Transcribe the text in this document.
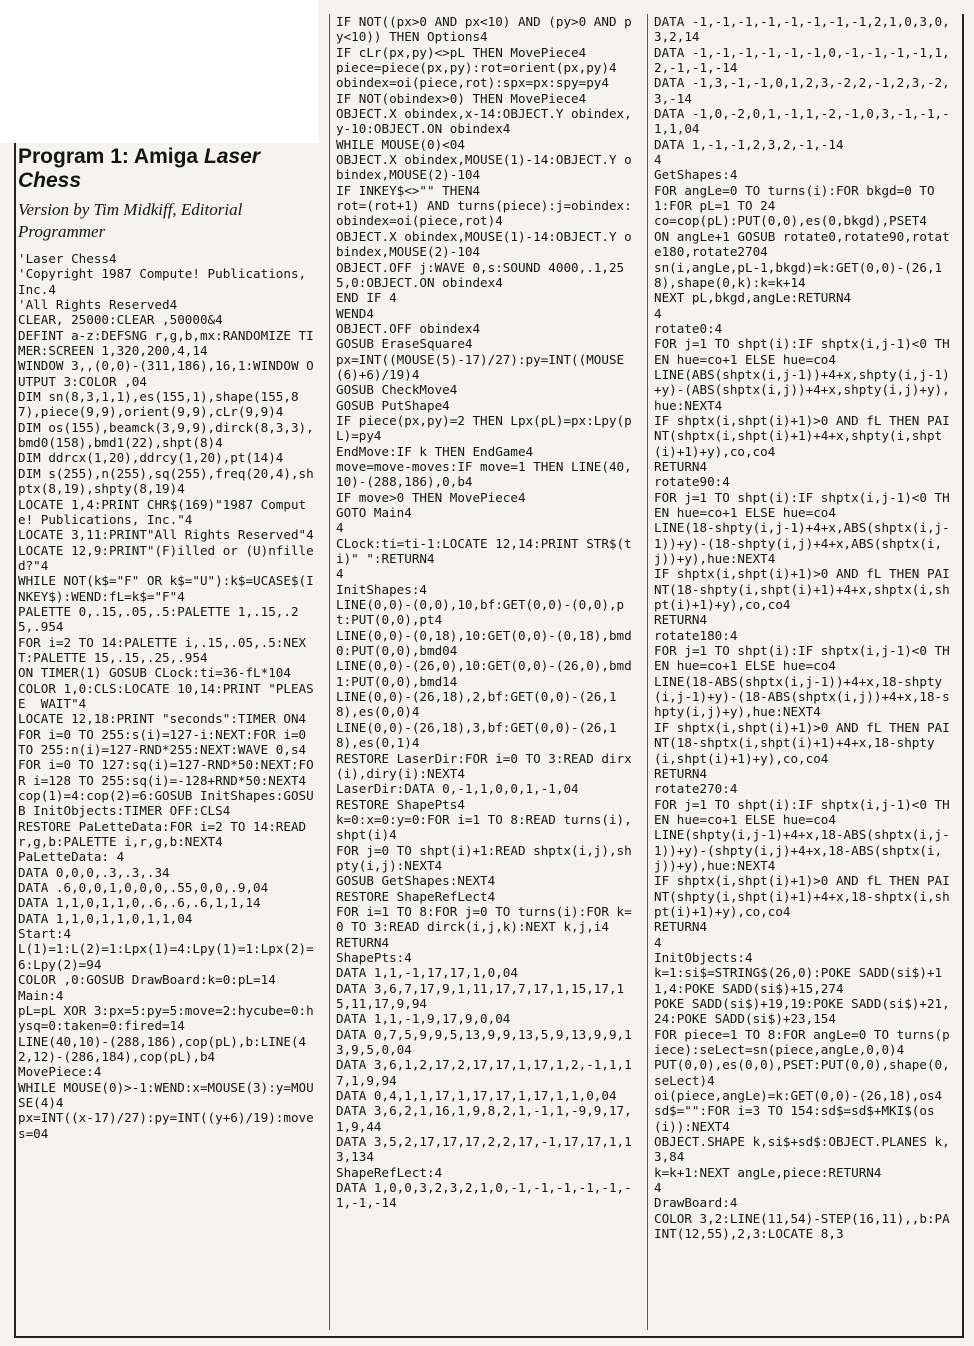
Program 1: Amiga Laser Chess
Version by Tim Midkiff, Editorial Programmer
'Laser Chess4
'Copyright 1987 Compute! Publications, Inc.4
'All Rights Reserved4
CLEAR, 25000:CLEAR ,50000&4
DEFINT a-z:DEFSNG r,g,b,mx:RANDOMIZE TIMER:SCREEN 1,320,200,4,14
WINDOW 3,,(0,0)-(311,186),16,1:WINDOW OUTPUT 3:COLOR ,04
DIM sn(8,3,1,1),es(155,1),shape(155,87),piece(9,9),orient(9,9),cLr(9,9)4
DIM os(155),beamck(3,9,9),dirck(8,3,3),bmd0(158),bmd1(22),shpt(8)4
DIM ddrcx(1,20),ddrcy(1,20),pt(14)4
DIM s(255),n(255),sq(255),freq(20,4),shptx(8,19),shpty(8,19)4
LOCATE 1,4:PRINT CHR$(169)"1987 Compute! Publications, Inc."4
LOCATE 3,11:PRINT"All Rights Reserved"4
LOCATE 12,9:PRINT"(F)illed or (U)nfilled?"4
WHILE NOT(k$="F" OR k$="U"):k$=UCASE$(INKEY$):WEND:fL=k$="F"4
PALETTE 0,.15,.05,.5:PALETTE 1,.15,.25,.954
FOR i=2 TO 14:PALETTE i,.15,.05,.5:NEXT:PALETTE 15,.15,.25,.954
ON TIMER(1) GOSUB CLock:ti=36-fL*104
COLOR 1,0:CLS:LOCATE 10,14:PRINT "PLEASE  WAIT"4
LOCATE 12,18:PRINT "seconds":TIMER ON4
FOR i=0 TO 255:s(i)=127-i:NEXT:FOR i=0 TO 255:n(i)=127-RND*255:NEXT:WAVE 0,s4
FOR i=0 TO 127:sq(i)=127-RND*50:NEXT:FOR i=128 TO 255:sq(i)=-128+RND*50:NEXT4
cop(1)=4:cop(2)=6:GOSUB InitShapes:GOSUB InitObjects:TIMER OFF:CLS4
RESTORE PaLetteData:FOR i=2 TO 14:READ r,g,b:PALETTE i,r,g,b:NEXT4
PaLetteData: 4
DATA 0,0,0,.3,.3,.34
DATA .6,0,0,1,0,0,0,.55,0,0,.9,04
DATA 1,1,0,1,1,0,.6,.6,.6,1,1,14
DATA 1,1,0,1,1,0,1,1,04
Start:4
L(1)=1:L(2)=1:Lpx(1)=4:Lpy(1)=1:Lpx(2)=6:Lpy(2)=94
COLOR ,0:GOSUB DrawBoard:k=0:pL=14
Main:4
pL=pL XOR 3:px=5:py=5:move=2:hycube=0:hysq=0:taken=0:fired=14
LINE(40,10)-(288,186),cop(pL),b:LINE(42,12)-(286,184),cop(pL),b4
MovePiece:4
WHILE MOUSE(0)>-1:WEND:x=MOUSE(3):y=MOUSE(4)4
px=INT((x-17)/27):py=INT((y+6)/19):moves=04
IF NOT((px>0 AND px<10) AND (py>0 AND py<10)) THEN Options4
IF cLr(px,py)<>pL THEN MovePiece4
piece=piece(px,py):rot=orient(px,py)4
obindex=oi(piece,rot):spx=px:spy=py4
IF NOT(obindex>0) THEN MovePiece4
OBJECT.X obindex,x-14:OBJECT.Y obindex,y-10:OBJECT.ON obindex4
WHILE MOUSE(0)<04
OBJECT.X obindex,MOUSE(1)-14:OBJECT.Y obindex,MOUSE(2)-104
IF INKEY$<>"" THEN4
rot=(rot+1) AND turns(piece):j=obindex:obindex=oi(piece,rot)4
OBJECT.X obindex,MOUSE(1)-14:OBJECT.Y obindex,MOUSE(2)-104
OBJECT.OFF j:WAVE 0,s:SOUND 4000,.1,255,0:OBJECT.ON obindex4
END IF 4
WEND4
OBJECT.OFF obindex4
GOSUB EraseSquare4
px=INT((MOUSE(5)-17)/27):py=INT((MOUSE(6)+6)/19)4
GOSUB CheckMove4
GOSUB PutShape4
IF piece(px,py)=2 THEN Lpx(pL)=px:Lpy(pL)=py4
EndMove:IF k THEN EndGame4
move=move-moves:IF move=1 THEN LINE(40,10)-(288,186),0,b4
IF move>0 THEN MovePiece4
GOTO Main4
4
CLock:ti=ti-1:LOCATE 12,14:PRINT STR$(ti)" ":RETURN4
4
InitShapes:4
LINE(0,0)-(0,0),10,bf:GET(0,0)-(0,0),pt:PUT(0,0),pt4
LINE(0,0)-(0,18),10:GET(0,0)-(0,18),bmd0:PUT(0,0),bmd04
LINE(0,0)-(26,0),10:GET(0,0)-(26,0),bmd1:PUT(0,0),bmd14
LINE(0,0)-(26,18),2,bf:GET(0,0)-(26,18),es(0,0)4
LINE(0,0)-(26,18),3,bf:GET(0,0)-(26,18),es(0,1)4
RESTORE LaserDir:FOR i=0 TO 3:READ dirx(i),diry(i):NEXT4
LaserDir:DATA 0,-1,1,0,0,1,-1,04
RESTORE ShapePts4
k=0:x=0:y=0:FOR i=1 TO 8:READ turns(i),shpt(i)4
FOR j=0 TO shpt(i)+1:READ shptx(i,j),shpty(i,j):NEXT4
GOSUB GetShapes:NEXT4
RESTORE ShapeRefLect4
FOR i=1 TO 8:FOR j=0 TO turns(i):FOR k=0 TO 3:READ dirck(i,j,k):NEXT k,j,i4
RETURN4
ShapePts:4
DATA 1,1,-1,17,17,1,0,04
DATA 3,6,7,17,9,1,11,17,7,17,1,15,17,15,11,17,9,94
DATA 1,1,-1,9,17,9,0,04
DATA 0,7,5,9,9,5,13,9,9,13,5,9,13,9,9,13,9,5,0,04
DATA 3,6,1,2,17,2,17,17,1,17,1,2,-1,1,17,1,9,94
DATA 0,4,1,1,17,1,17,17,1,17,1,1,0,04
DATA 3,6,2,1,16,1,9,8,2,1,-1,1,-9,9,17,1,9,44
DATA 3,5,2,17,17,17,2,2,17,-1,17,17,1,13,134
ShapeRefLect:4
DATA 1,0,0,3,2,3,2,1,0,-1,-1,-1,-1,-1,-1,-1,-14
DATA -1,-1,-1,-1,-1,-1,-1,-1,2,1,0,3,0,3,2,14
DATA -1,-1,-1,-1,-1,-1,0,-1,-1,-1,-1,1,2,-1,-1,-14
DATA -1,3,-1,-1,0,1,2,3,-2,2,-1,2,3,-2,3,-14
DATA -1,0,-2,0,1,-1,1,-2,-1,0,3,-1,-1,-1,1,04
DATA 1,-1,-1,2,3,2,-1,-14
4
GetShapes:4
FOR angLe=0 TO turns(i):FOR bkgd=0 TO 1:FOR pL=1 TO 24
co=cop(pL):PUT(0,0),es(0,bkgd),PSET4
ON angLe+1 GOSUB rotate0,rotate90,rotate180,rotate2704
sn(i,angLe,pL-1,bkgd)=k:GET(0,0)-(26,18),shape(0,k):k=k+14
NEXT pL,bkgd,angLe:RETURN4
4
rotate0:4
FOR j=1 TO shpt(i):IF shptx(i,j-1)<0 THEN hue=co+1 ELSE hue=co4
LINE(ABS(shptx(i,j-1))+4+x,shpty(i,j-1)+y)-(ABS(shptx(i,j))+4+x,shpty(i,j)+y),hue:NEXT4
IF shptx(i,shpt(i)+1)>0 AND fL THEN PAINT(shptx(i,shpt(i)+1)+4+x,shpty(i,shpt(i)+1)+y),co,co4
RETURN4
rotate90:4
FOR j=1 TO shpt(i):IF shptx(i,j-1)<0 THEN hue=co+1 ELSE hue=co4
LINE(18-shpty(i,j-1)+4+x,ABS(shptx(i,j-1))+y)-(18-shpty(i,j)+4+x,ABS(shptx(i,j))+y),hue:NEXT4
IF shptx(i,shpt(i)+1)>0 AND fL THEN PAINT(18-shpty(i,shpt(i)+1)+4+x,shptx(i,shpt(i)+1)+y),co,co4
RETURN4
rotate180:4
FOR j=1 TO shpt(i):IF shptx(i,j-1)<0 THEN hue=co+1 ELSE hue=co4
LINE(18-ABS(shptx(i,j-1))+4+x,18-shpty(i,j-1)+y)-(18-ABS(shptx(i,j))+4+x,18-shpty(i,j)+y),hue:NEXT4
IF shptx(i,shpt(i)+1)>0 AND fL THEN PAINT(18-shptx(i,shpt(i)+1)+4+x,18-shpty(i,shpt(i)+1)+y),co,co4
RETURN4
rotate270:4
FOR j=1 TO shpt(i):IF shptx(i,j-1)<0 THEN hue=co+1 ELSE hue=co4
LINE(shpty(i,j-1)+4+x,18-ABS(shptx(i,j-1))+y)-(shpty(i,j)+4+x,18-ABS(shptx(i,j))+y),hue:NEXT4
IF shptx(i,shpt(i)+1)>0 AND fL THEN PAINT(shpty(i,shpt(i)+1)+4+x,18-shptx(i,shpt(i)+1)+y),co,co4
RETURN4
4
InitObjects:4
k=1:si$=STRING$(26,0):POKE SADD(si$)+11,4:POKE SADD(si$)+15,274
POKE SADD(si$)+19,19:POKE SADD(si$)+21,24:POKE SADD(si$)+23,154
FOR piece=1 TO 8:FOR angLe=0 TO turns(piece):seLect=sn(piece,angLe,0,0)4
PUT(0,0),es(0,0),PSET:PUT(0,0),shape(0,seLect)4
oi(piece,angLe)=k:GET(0,0)-(26,18),os4
sd$="":FOR i=3 TO 154:sd$=sd$+MKI$(os(i)):NEXT4
OBJECT.SHAPE k,si$+sd$:OBJECT.PLANES k,3,84
k=k+1:NEXT angLe,piece:RETURN4
4
DrawBoard:4
COLOR 3,2:LINE(11,54)-STEP(16,11),,b:PAINT(12,55),2,3:LOCATE 8,3
